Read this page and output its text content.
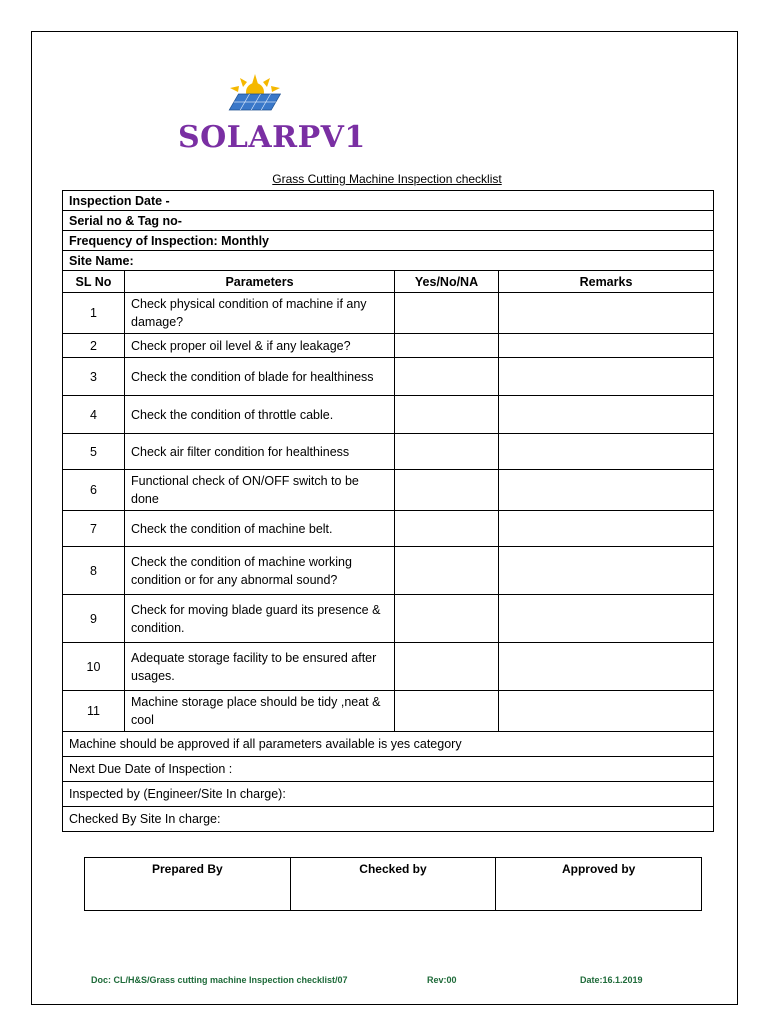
SOLARPV1
Grass Cutting Machine Inspection checklist
Inspection Date -			
Serial no & Tag no-			
Frequency of Inspection: Monthly			
Site Name:			
SL No	Parameters	Yes/No/NA	Remarks
1	Check physical condition of machine if any damage?		
2	Check proper oil level & if any leakage?		
3	Check the condition of blade for healthiness		
4	Check the condition of throttle cable.		
5	Check air filter condition for healthiness		
6	Functional check of ON/OFF switch to be done		
7	Check the condition of machine belt.		
8	Check the condition of machine working condition or for any abnormal sound?		
9	Check for moving blade guard its presence & condition.		
10	Adequate storage facility to be ensured after usages.		
11	Machine storage place should be tidy ,neat & cool		
Machine should be approved if all parameters available is yes category			
Next Due Date of Inspection :			
Inspected by (Engineer/Site In charge):			
Checked By Site In charge:			
Prepared By	Checked by	Approved by
Doc: CL/H&S/Grass cutting machine Inspection checklist/07	Rev:00	Date:16.1.2019
